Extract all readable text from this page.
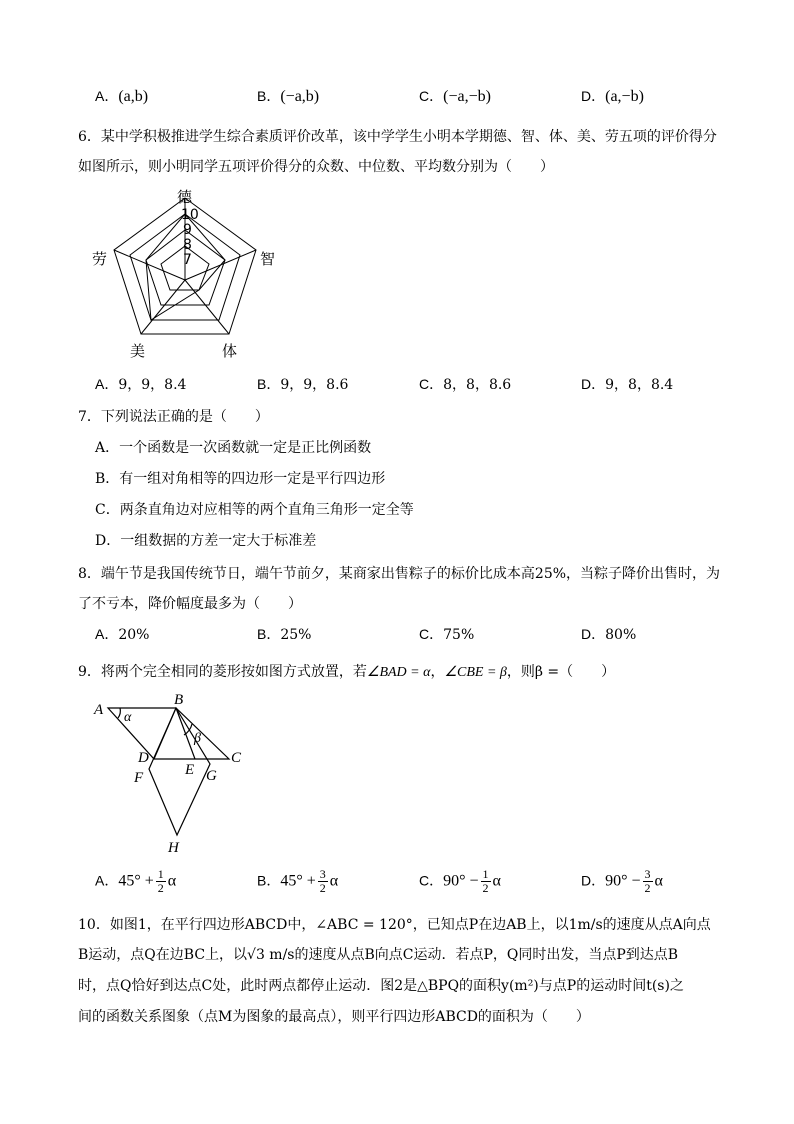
A．(a,b)	B．(−a,b)	C．(−a,−b)	D．(a,−b)
6．某中学积极推进学生综合素质评价改革，该中学学生小明本学期德、智、体、美、劳五项的评价得分
如图所示，则小明同学五项评价得分的众数、中位数、平均数分别为（　　）
德
智
体
美
劳
10
9
8
7
A．9，9，8.4	B．9，9，8.6	C．8，8，8.6	D．9，8，8.4
7．下列说法正确的是（　　）
A．一个函数是一次函数就一定是正比例函数
B．有一组对角相等的四边形一定是平行四边形
C．两条直角边对应相等的两个直角三角形一定全等
D．一组数据的方差一定大于标准差
8．端午节是我国传统节日，端午节前夕，某商家出售粽子的标价比成本高25%，当粽子降价出售时，为
了不亏本，降价幅度最多为（　　）
A．20%	B．25%	C．75%	D．80%
9．将两个完全相同的菱形按如图方式放置，若∠BAD = α，∠CBE = β，则β =（　　）
A
B
C
D
E
F	G
H
α
β
A．$45^\circ + \frac{1}{2}$ α	B．$45^\circ + \frac{3}{2}$ α	C．$90^\circ - \frac{1}{2}$ α	D．$90^\circ - \frac{3}{2}$ α
10．如图1，在平行四边形ABCD中，∠ABC = 120°，已知点P在边AB上，以1m/s的速度从点A向点
B运动，点Q在边BC上，以√3 m/s的速度从点B向点C运动．若点P，Q同时出发，当点P到达点B
时，点Q恰好到达点C处，此时两点都停止运动．图2是△BPQ的面积y(m²)与点P的运动时间t(s)之
间的函数关系图象（点M为图象的最高点），则平行四边形ABCD的面积为（　　）
